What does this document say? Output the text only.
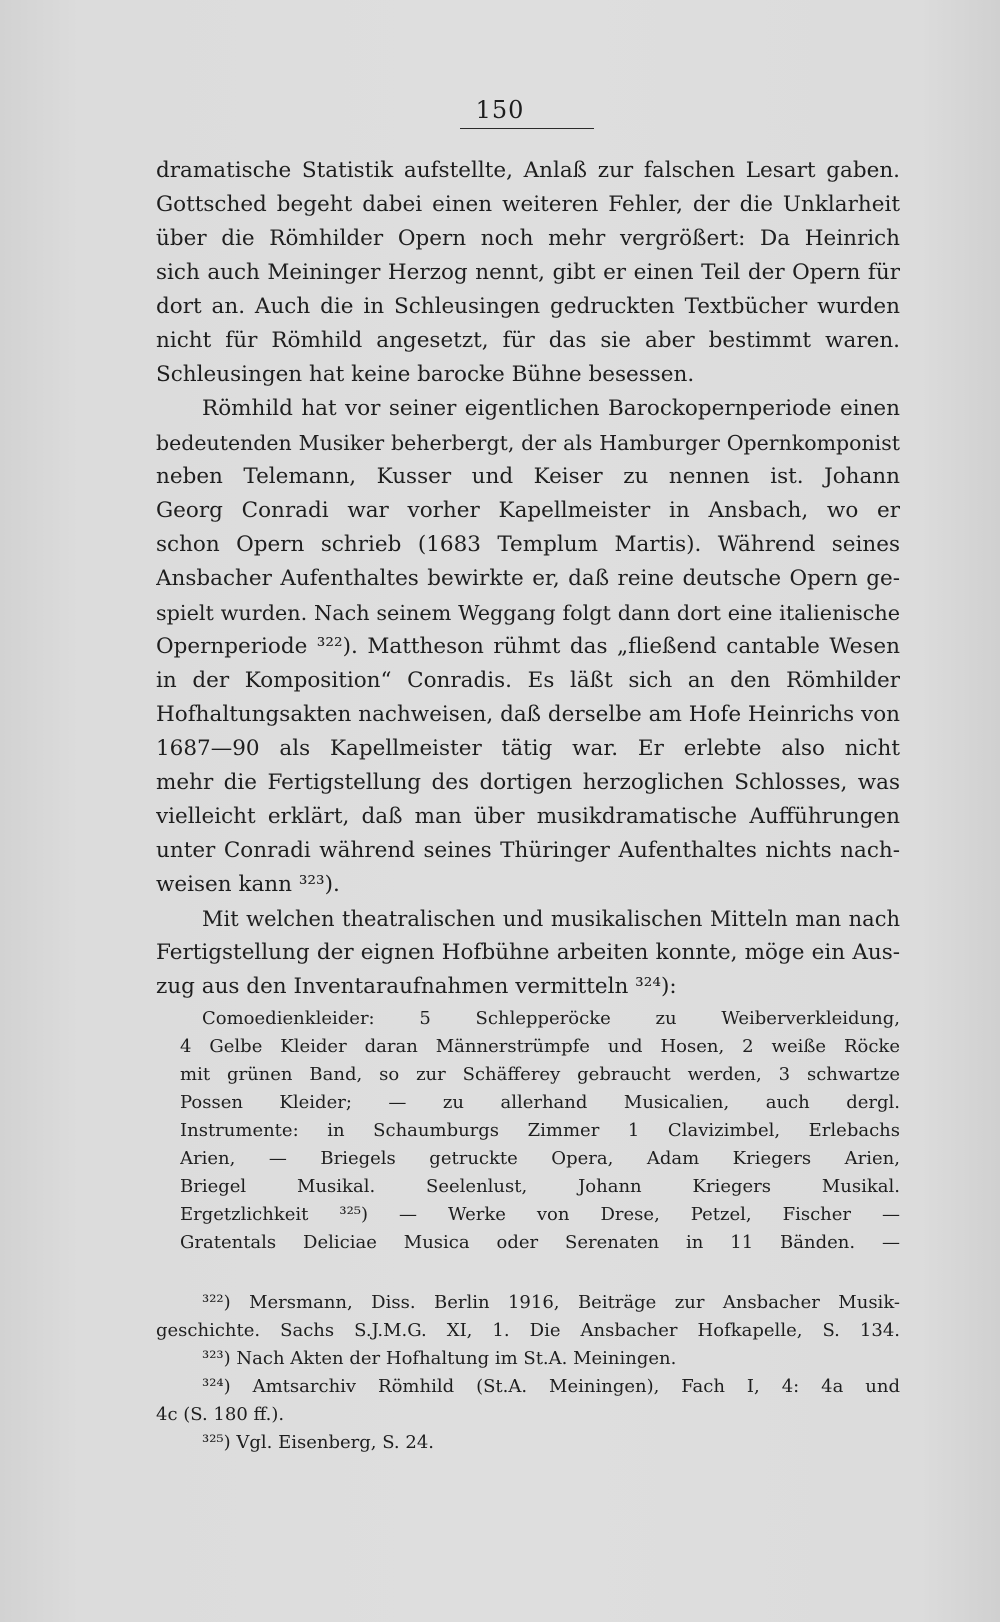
150
dramatische Statistik aufstellte, Anlaß zur falschen Lesart gaben.
Gottsched begeht dabei einen weiteren Fehler, der die Unklarheit
über die Römhilder Opern noch mehr vergrößert: Da Heinrich
sich auch Meininger Herzog nennt, gibt er einen Teil der Opern für
dort an. Auch die in Schleusingen gedruckten Textbücher wurden
nicht für Römhild angesetzt, für das sie aber bestimmt waren.
Schleusingen hat keine barocke Bühne besessen.
Römhild hat vor seiner eigentlichen Barockopernperiode einen
bedeutenden Musiker beherbergt, der als Hamburger Opernkomponist
neben Telemann, Kusser und Keiser zu nennen ist. Johann
Georg Conradi war vorher Kapellmeister in Ansbach, wo er
schon Opern schrieb (1683 Templum Martis). Während seines
Ansbacher Aufenthaltes bewirkte er, daß reine deutsche Opern ge-
spielt wurden. Nach seinem Weggang folgt dann dort eine italienische
Opernperiode ³²²). Mattheson rühmt das „fließend cantable Wesen
in der Komposition“ Conradis. Es läßt sich an den Römhilder
Hofhaltungsakten nachweisen, daß derselbe am Hofe Heinrichs von
1687—90 als Kapellmeister tätig war. Er erlebte also nicht
mehr die Fertigstellung des dortigen herzoglichen Schlosses, was
vielleicht erklärt, daß man über musikdramatische Aufführungen
unter Conradi während seines Thüringer Aufenthaltes nichts nach-
weisen kann ³²³).
Mit welchen theatralischen und musikalischen Mitteln man nach
Fertigstellung der eignen Hofbühne arbeiten konnte, möge ein Aus-
zug aus den Inventaraufnahmen vermitteln ³²⁴):
Comoedienkleider: 5 Schlepperöcke zu Weiberverkleidung,
4 Gelbe Kleider daran Männerstrümpfe und Hosen, 2 weiße Röcke
mit grünen Band, so zur Schäfferey gebraucht werden, 3 schwartze
Possen Kleider; — zu allerhand Musicalien, auch dergl.
Instrumente: in Schaumburgs Zimmer 1 Clavizimbel, Erlebachs
Arien, — Briegels getruckte Opera, Adam Kriegers Arien,
Briegel Musikal. Seelenlust, Johann Kriegers Musikal.
Ergetzlichkeit ³²⁵) — Werke von Drese, Petzel, Fischer —
Gratentals Deliciae Musica oder Serenaten in 11 Bänden. —
³²²) Mersmann, Diss. Berlin 1916, Beiträge zur Ansbacher Musik-
geschichte. Sachs S.J.M.G. XI, 1. Die Ansbacher Hofkapelle, S. 134.
³²³) Nach Akten der Hofhaltung im St.A. Meiningen.
³²⁴) Amtsarchiv Römhild (St.A. Meiningen), Fach I, 4: 4a und
4c (S. 180 ff.).
³²⁵) Vgl. Eisenberg, S. 24.
